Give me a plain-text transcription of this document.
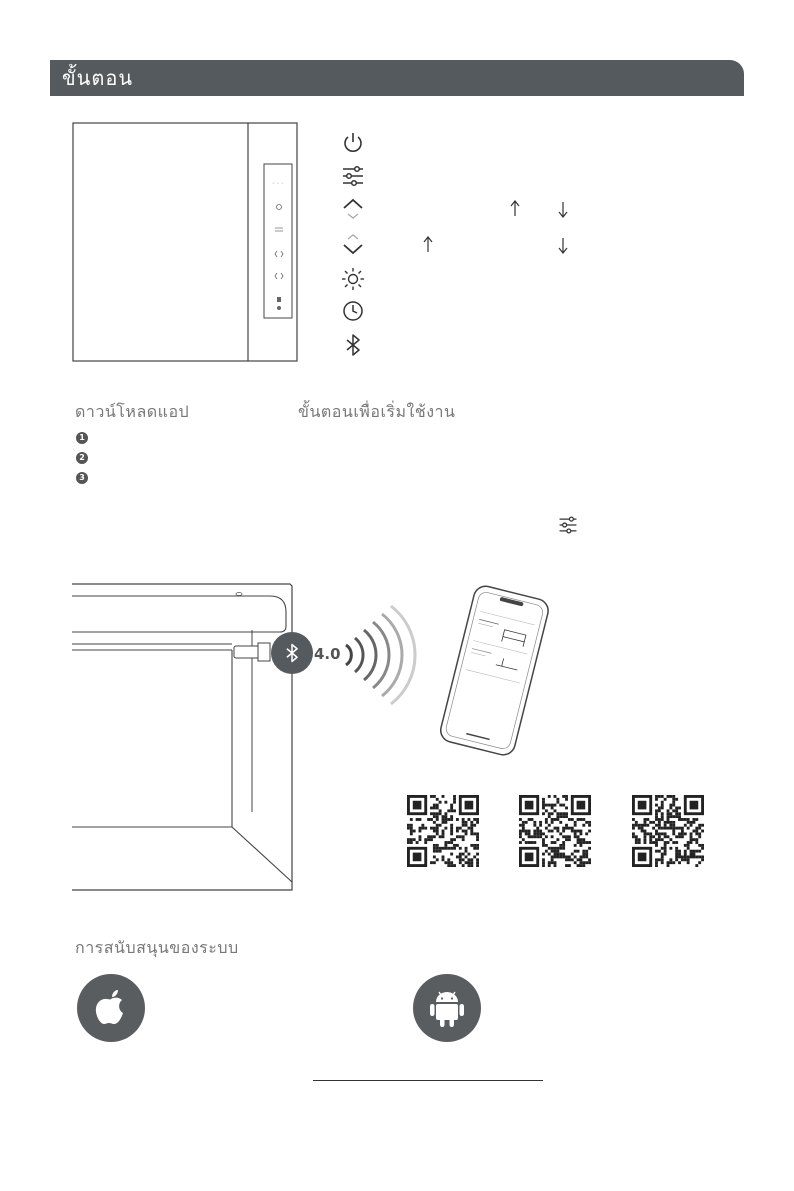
ขั้นตอน
◦ ◦ ◦
ดาวน์โหลดแอป	ขั้นตอนเพื่อเริ่มใช้งาน
1
2
3
4.0
การสนับสนุนของระบบ
